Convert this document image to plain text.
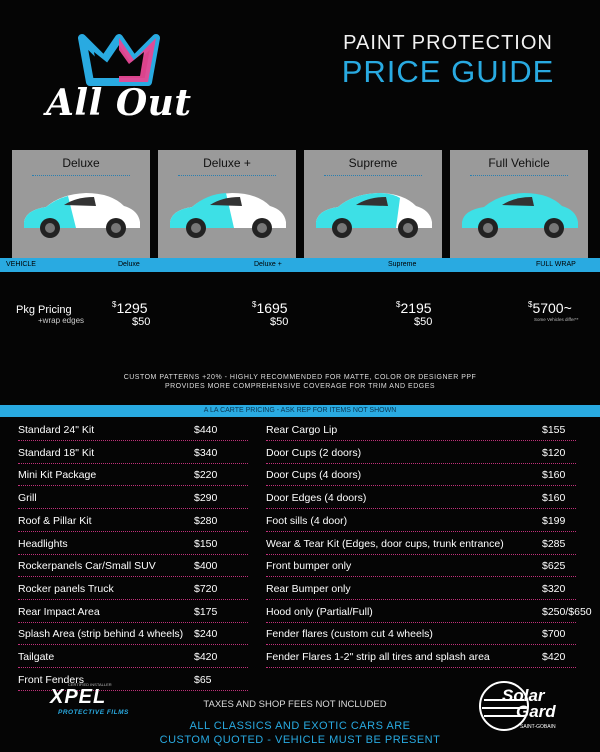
All Out
PAINT PROTECTION
PRICE GUIDE
Deluxe	Deluxe +	Supreme	Full Vehicle
VEHICLE	Deluxe	Deluxe +	Supreme	FULL WRAP
Pkg Pricing
+wrap edges
$1295	$1695	$2195	$5700~
$50	$50	$50	Some Vehicles differ**
CUSTOM PATTERNS +20% - HIGHLY RECOMMENDED FOR MATTE, COLOR OR DESIGNER PPF
PROVIDES MORE COMPREHENSIVE COVERAGE FOR TRIM AND EDGES
A LA CARTE PRICING - ASK REP FOR ITEMS NOT SHOWN
Standard 24" Kit	$440
Standard 18" Kit	$340
Mini Kit Package	$220
Grill	$290
Roof & Pillar Kit	$280
Headlights	$150
Rockerpanels Car/Small SUV	$400
Rocker panels Truck	$720
Rear Impact Area	$175
Splash Area (strip behind 4 wheels) $240
Tailgate	$420
Front Fenders	$65
Rear Cargo Lip	$155
Door Cups (2 doors)	$120
Door Cups (4 doors)	$160
Door Edges (4 doors)	$160
Foot sills (4 door)	$199
Wear & Tear Kit (Edges, door cups, trunk entrance)	$285
Front bumper only	$625
Rear Bumper only	$320
Hood only (Partial/Full)	$250/$650
Fender flares (custom cut 4 wheels)	$700
Fender Flares 1-2" strip all tires and splash area	$420
TAXES AND SHOP FEES NOT INCLUDED
ALL CLASSICS AND EXOTIC CARS ARE
CUSTOM QUOTED - VEHICLE MUST BE PRESENT
CERTIFIED INSTALLER
XPEL
PROTECTIVE FILMS
Solar
Gard
SAINT-GOBAIN
